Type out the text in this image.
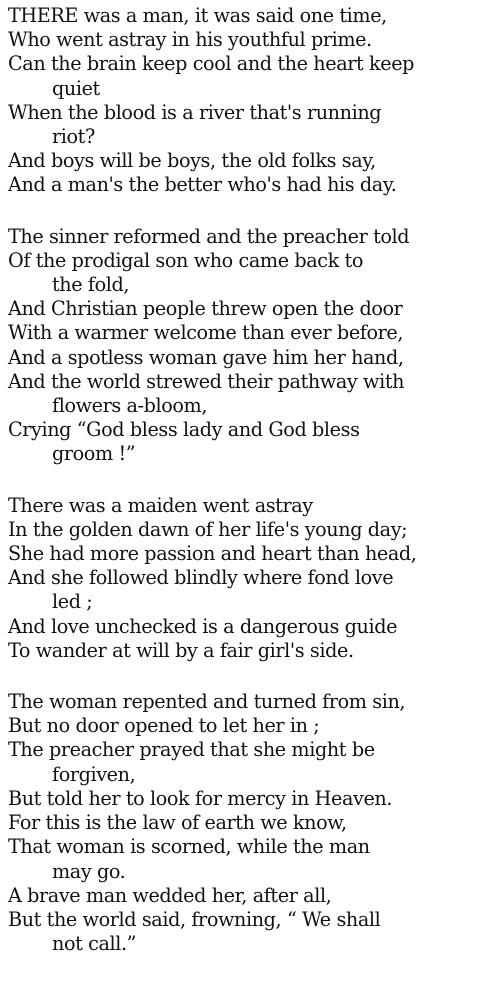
THERE was a man, it was said one time,
Who went astray in his youthful prime.
Can the brain keep cool and the heart keep
quiet
When the blood is a river that's running
riot?
And boys will be boys, the old folks say,
And a man's the better who's had his day.
The sinner reformed and the preacher told
Of the prodigal son who came back to
the fold,
And Christian people threw open the door
With a warmer welcome than ever before,
And a spotless woman gave him her hand,
And the world strewed their pathway with
flowers a-bloom,
Crying “God bless lady and God bless
groom !”
There was a maiden went astray
In the golden dawn of her life's young day;
She had more passion and heart than head,
And she followed blindly where fond love
led ;
And love unchecked is a dangerous guide
To wander at will by a fair girl's side.
The woman repented and turned from sin,
But no door opened to let her in ;
The preacher prayed that she might be
forgiven,
But told her to look for mercy in Heaven.
For this is the law of earth we know,
That woman is scorned, while the man
may go.
A brave man wedded her, after all,
But the world said, frowning, “ We shall
not call.”
